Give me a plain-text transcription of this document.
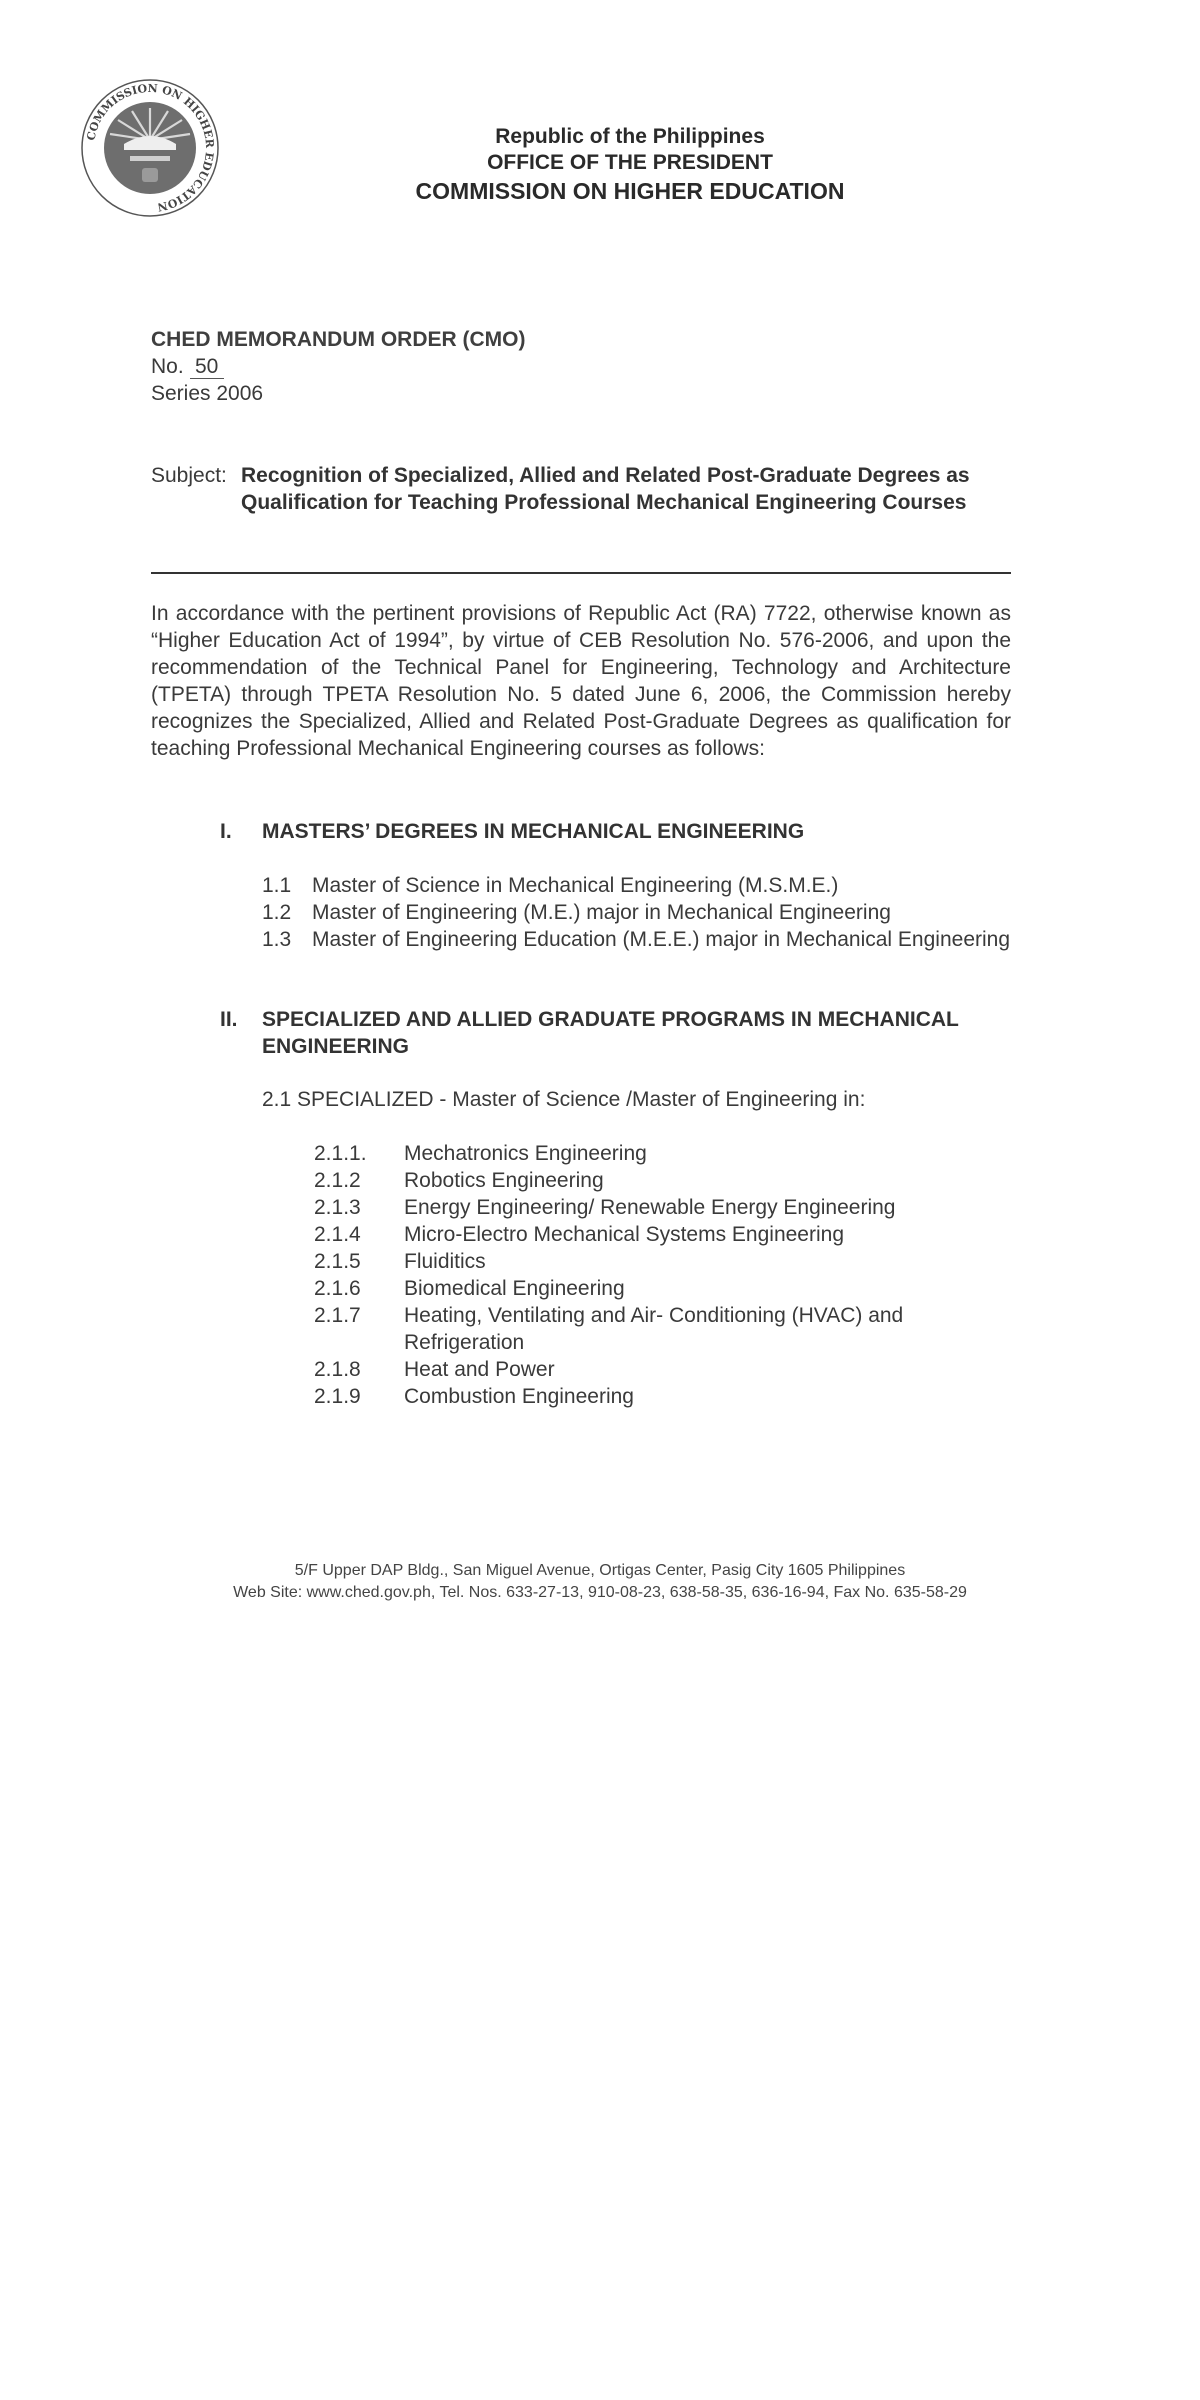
COMMISSION ON HIGHER EDUCATION
Republic of the Philippines
OFFICE OF THE PRESIDENT
COMMISSION ON HIGHER EDUCATION
CHED MEMORANDUM ORDER (CMO)
No. 50
Series 2006
Subject: Recognition of Specialized, Allied and Related Post-Graduate Degrees as Qualification for Teaching Professional Mechanical Engineering Courses
In accordance with the pertinent provisions of Republic Act (RA) 7722, otherwise known as “Higher Education Act of 1994”, by virtue of CEB Resolution No. 576-2006, and upon the recommendation of the Technical Panel for Engineering, Technology and Architecture (TPETA) through TPETA Resolution No. 5 dated June 6, 2006, the Commission hereby recognizes the Specialized, Allied and Related Post-Graduate Degrees as qualification for teaching Professional Mechanical Engineering courses as follows:
I.	MASTERS’ DEGREES IN MECHANICAL ENGINEERING
1.1 Master of Science in Mechanical Engineering (M.S.M.E.)
1.2 Master of Engineering (M.E.) major in Mechanical Engineering
1.3 Master of Engineering Education (M.E.E.) major in Mechanical Engineering
II.	SPECIALIZED AND ALLIED GRADUATE PROGRAMS IN MECHANICAL ENGINEERING
2.1 SPECIALIZED - Master of Science /Master of Engineering in:
2.1.1. Mechatronics Engineering
2.1.2 Robotics Engineering
2.1.3 Energy Engineering/ Renewable Energy Engineering
2.1.4 Micro-Electro Mechanical Systems Engineering
2.1.5 Fluiditics
2.1.6 Biomedical Engineering
2.1.7 Heating, Ventilating and Air- Conditioning (HVAC) and Refrigeration
2.1.8 Heat and Power
2.1.9 Combustion Engineering
5/F Upper DAP Bldg., San Miguel Avenue, Ortigas Center, Pasig City 1605 Philippines
Web Site: www.ched.gov.ph, Tel. Nos. 633-27-13, 910-08-23, 638-58-35, 636-16-94, Fax No. 635-58-29
